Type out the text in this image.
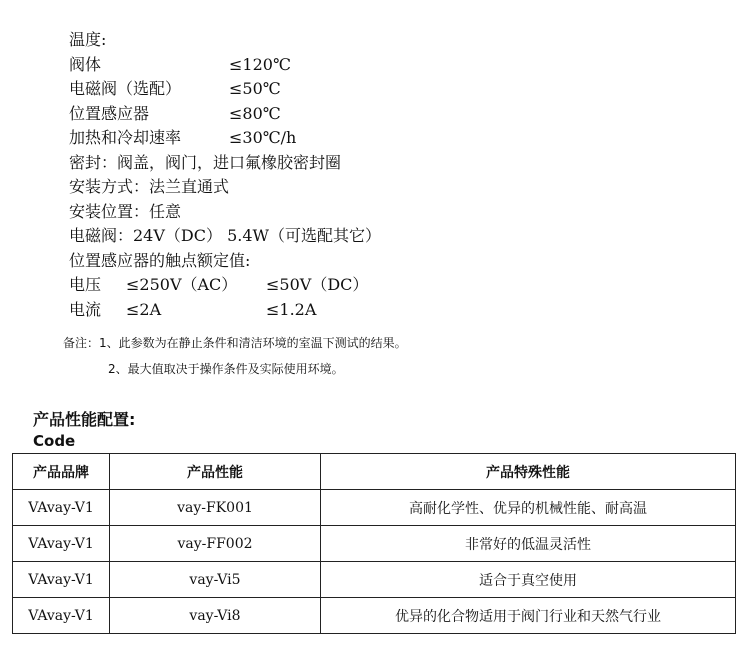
温度:
阀体	≤120℃
电磁阀（选配）	≤50℃
位置感应器	≤80℃
加热和冷却速率	≤30℃/h
密封：阀盖，阀门，进口氟橡胶密封圈
安装方式：法兰直通式
安装位置：任意
电磁阀：24V（DC） 5.4W（可选配其它）
位置感应器的触点额定值:
电压	≤250V（AC）	≤50V（DC）
电流	≤2A	≤1.2A
备注：1、此参数为在静止条件和清洁环境的室温下测试的结果。
2、最大值取决于操作条件及实际使用环境。
产品性能配置:
Code
产品品牌	产品性能	产品特殊性能
VAvay-V1	vay-FK001	高耐化学性、优异的机械性能、耐高温
VAvay-V1	vay-FF002	非常好的低温灵活性
VAvay-V1	vay-Vi5	适合于真空使用
VAvay-V1	vay-Vi8	优异的化合物适用于阀门行业和天然气行业
